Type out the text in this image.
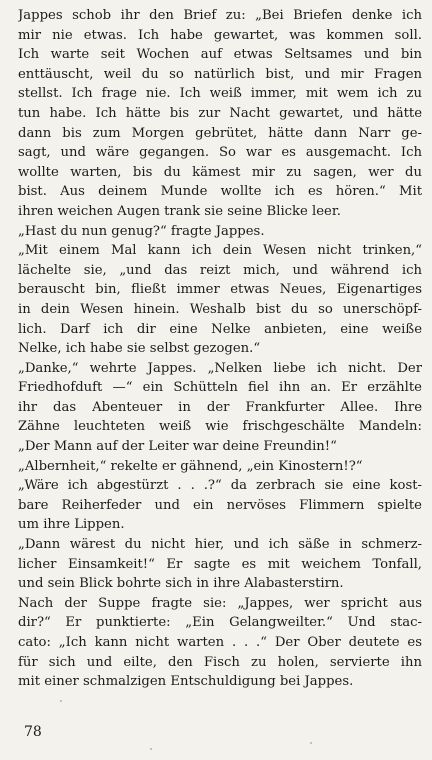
Jappes schob ihr den Brief zu: „Bei Briefen denke ich
mir nie etwas. Ich habe gewartet, was kommen soll.
Ich warte seit Wochen auf etwas Seltsames und bin
enttäuscht, weil du so natürlich bist, und mir Fragen
stellst. Ich frage nie. Ich weiß immer, mit wem ich zu
tun habe. Ich hätte bis zur Nacht gewartet, und hätte
dann bis zum Morgen gebrütet, hätte dann Narr ge-
sagt, und wäre gegangen. So war es ausgemacht. Ich
wollte warten, bis du kämest mir zu sagen, wer du
bist. Aus deinem Munde wollte ich es hören.“ Mit
ihren weichen Augen trank sie seine Blicke leer.
„Hast du nun genug?“ fragte Jappes.
„Mit einem Mal kann ich dein Wesen nicht trinken,“
lächelte sie, „und das reizt mich, und während ich
berauscht bin, fließt immer etwas Neues, Eigenartiges
in dein Wesen hinein. Weshalb bist du so unerschöpf-
lich. Darf ich dir eine Nelke anbieten, eine weiße
Nelke, ich habe sie selbst gezogen.“
„Danke,“ wehrte Jappes. „Nelken liebe ich nicht. Der
Friedhofduft —“ ein Schütteln fiel ihn an. Er erzählte
ihr das Abenteuer in der Frankfurter Allee. Ihre
Zähne leuchteten weiß wie frischgeschälte Mandeln:
„Der Mann auf der Leiter war deine Freundin!“
„Albernheit,“ rekelte er gähnend, „ein Kinostern!?“
„Wäre ich abgestürzt . . .?“ da zerbrach sie eine kost-
bare Reiherfeder und ein nervöses Flimmern spielte
um ihre Lippen.
„Dann wärest du nicht hier, und ich säße in schmerz-
licher Einsamkeit!“ Er sagte es mit weichem Tonfall,
und sein Blick bohrte sich in ihre Alabasterstirn.
Nach der Suppe fragte sie: „Jappes, wer spricht aus
dir?“ Er punktierte: „Ein Gelangweilter.“ Und stac-
cato: „Ich kann nicht warten . . .“ Der Ober deutete es
für sich und eilte, den Fisch zu holen, servierte ihn
mit einer schmalzigen Entschuldigung bei Jappes.
78
